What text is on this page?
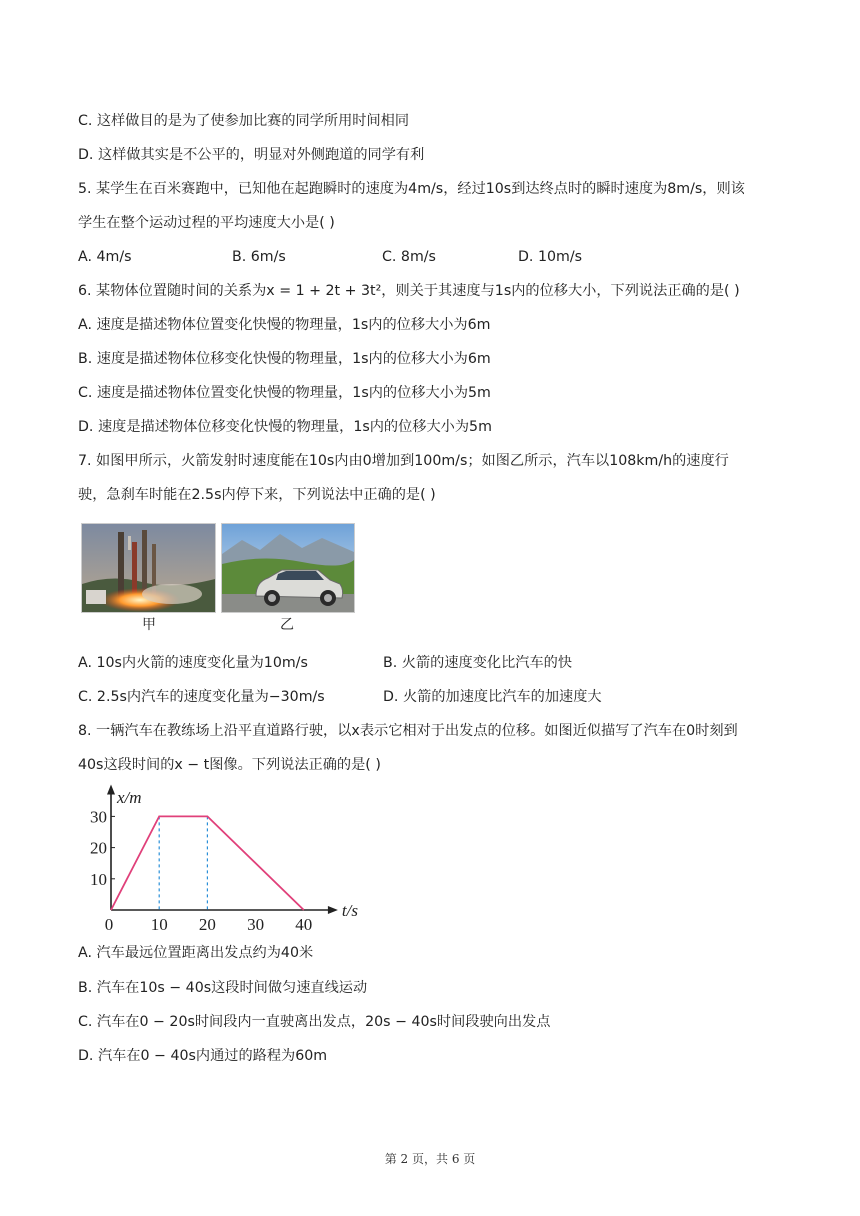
C. 这样做目的是为了使参加比赛的同学所用时间相同
D. 这样做其实是不公平的，明显对外侧跑道的同学有利
5. 某学生在百米赛跑中，已知他在起跑瞬时的速度为4m/s，经过10s到达终点时的瞬时速度为8m/s，则该
学生在整个运动过程的平均速度大小是( )
A. 4m/s	B. 6m/s	C. 8m/s	D. 10m/s
6. 某物体位置随时间的关系为x = 1 + 2t + 3t²，则关于其速度与1s内的位移大小，下列说法正确的是( )
A. 速度是描述物体位置变化快慢的物理量，1s内的位移大小为6m
B. 速度是描述物体位移变化快慢的物理量，1s内的位移大小为6m
C. 速度是描述物体位置变化快慢的物理量，1s内的位移大小为5m
D. 速度是描述物体位移变化快慢的物理量，1s内的位移大小为5m
7. 如图甲所示，火箭发射时速度能在10s内由0增加到100m/s；如图乙所示，汽车以108km/h的速度行
驶，急刹车时能在2.5s内停下来，下列说法中正确的是( )
甲	乙
A. 10s内火箭的速度变化量为10m/s	B. 火箭的速度变化比汽车的快
C. 2.5s内汽车的速度变化量为−30m/s	D. 火箭的加速度比汽车的加速度大
8. 一辆汽车在教练场上沿平直道路行驶，以x表示它相对于出发点的位移。如图近似描写了汽车在0时刻到
40s这段时间的x − t图像。下列说法正确的是( )
10
20
30
0 10 20 30 40
x/m
t/s
A. 汽车最远位置距离出发点约为40米
B. 汽车在10s − 40s这段时间做匀速直线运动
C. 汽车在0 − 20s时间段内一直驶离出发点，20s − 40s时间段驶向出发点
D. 汽车在0 − 40s内通过的路程为60m
第 2 页，共 6 页
